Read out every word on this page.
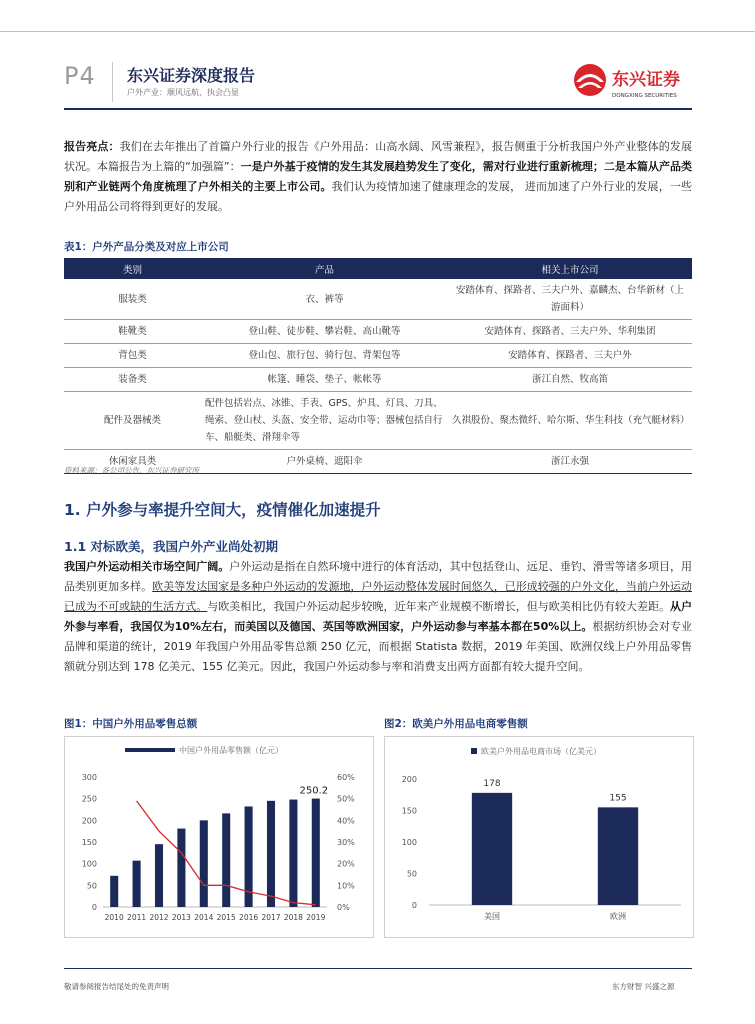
P4 东兴证券深度报告
户外产业：顺风远航，执会凸显
东兴证券
DONGXING SECURITIES
报告亮点：我们在去年推出了首篇户外行业的报告《户外用品：山高水阔、风雪兼程》，报告侧重于分析我国户外产业整体的发展状况。本篇报告为上篇的“加强篇”：一是户外基于疫情的发生其发展趋势发生了变化，需对行业进行重新梳理；二是本篇从产品类别和产业链两个角度梳理了户外相关的主要上市公司。我们认为疫情加速了健康理念的发展， 进而加速了户外行业的发展，一些户外用品公司将得到更好的发展。
表1：户外产品分类及对应上市公司
类别	产品	相关上市公司
服装类	衣、裤等	安踏体育、探路者、三夫户外、嘉麟杰、台华新材（上游面料）
鞋靴类	登山鞋、徒步鞋、攀岩鞋、高山靴等	安踏体育、探路者、三夫户外、华利集团
背包类	登山包、旅行包、骑行包、背架包等	安踏体育、探路者、三夫户外
装备类	帐篷、睡袋、垫子、帐帐等	浙江自然、牧高笛
配件及器械类	配件包括岩点、冰锥、手表、GPS、炉具、灯具、刀具、绳索、登山杖、头盔、安全带、运动巾等；器械包括自行车、船艇类、滑翔伞等	久祺股份、聚杰微纤、哈尔斯、华生科技（充气艇材料）
休闲家具类	户外桌椅、遮阳伞	浙江永强
资料来源：各公司公告，东兴证券研究所
1. 户外参与率提升空间大，疫情催化加速提升
1.1 对标欧美，我国户外产业尚处初期
我国户外运动相关市场空间广阔。户外运动是指在自然环境中进行的体育活动，其中包括登山、远足、垂钓、滑雪等诸多项目，用品类别更加多样。欧美等发达国家是多种户外运动的发源地，户外运动整体发展时间悠久，已形成较强的户外文化，当前户外运动已成为不可或缺的生活方式。与欧美相比，我国户外运动起步较晚，近年来产业规模不断增长，但与欧美相比仍有较大差距。从户外参与率看，我国仅为10%左右，而美国以及德国、英国等欧洲国家，户外运动参与率基本都在50%以上。根据纺织协会对专业品牌和渠道的统计，2019 年我国户外用品零售总额 250 亿元，而根据 Statista 数据，2019 年美国、欧洲仅线上户外用品零售额就分别达到 178 亿美元、155 亿美元。因此，我国户外运动参与率和消费支出两方面都有较大提升空间。
图1：中国户外用品零售总额	图2：欧美户外用品电商零售额
中国户外用品零售额（亿元）
0
50
100
150
200
250
300
0%
10%
20%
30%
40%
50%
60%
2010 2011 2012 2013 2014 2015 2016 2017 2018 2019
250.2
欧美户外用品电商市场（亿美元）
0
50
100
150
200	178
美国
155
欧洲
敬请参阅报告结尾处的免责声明	东方财智 兴盛之源
